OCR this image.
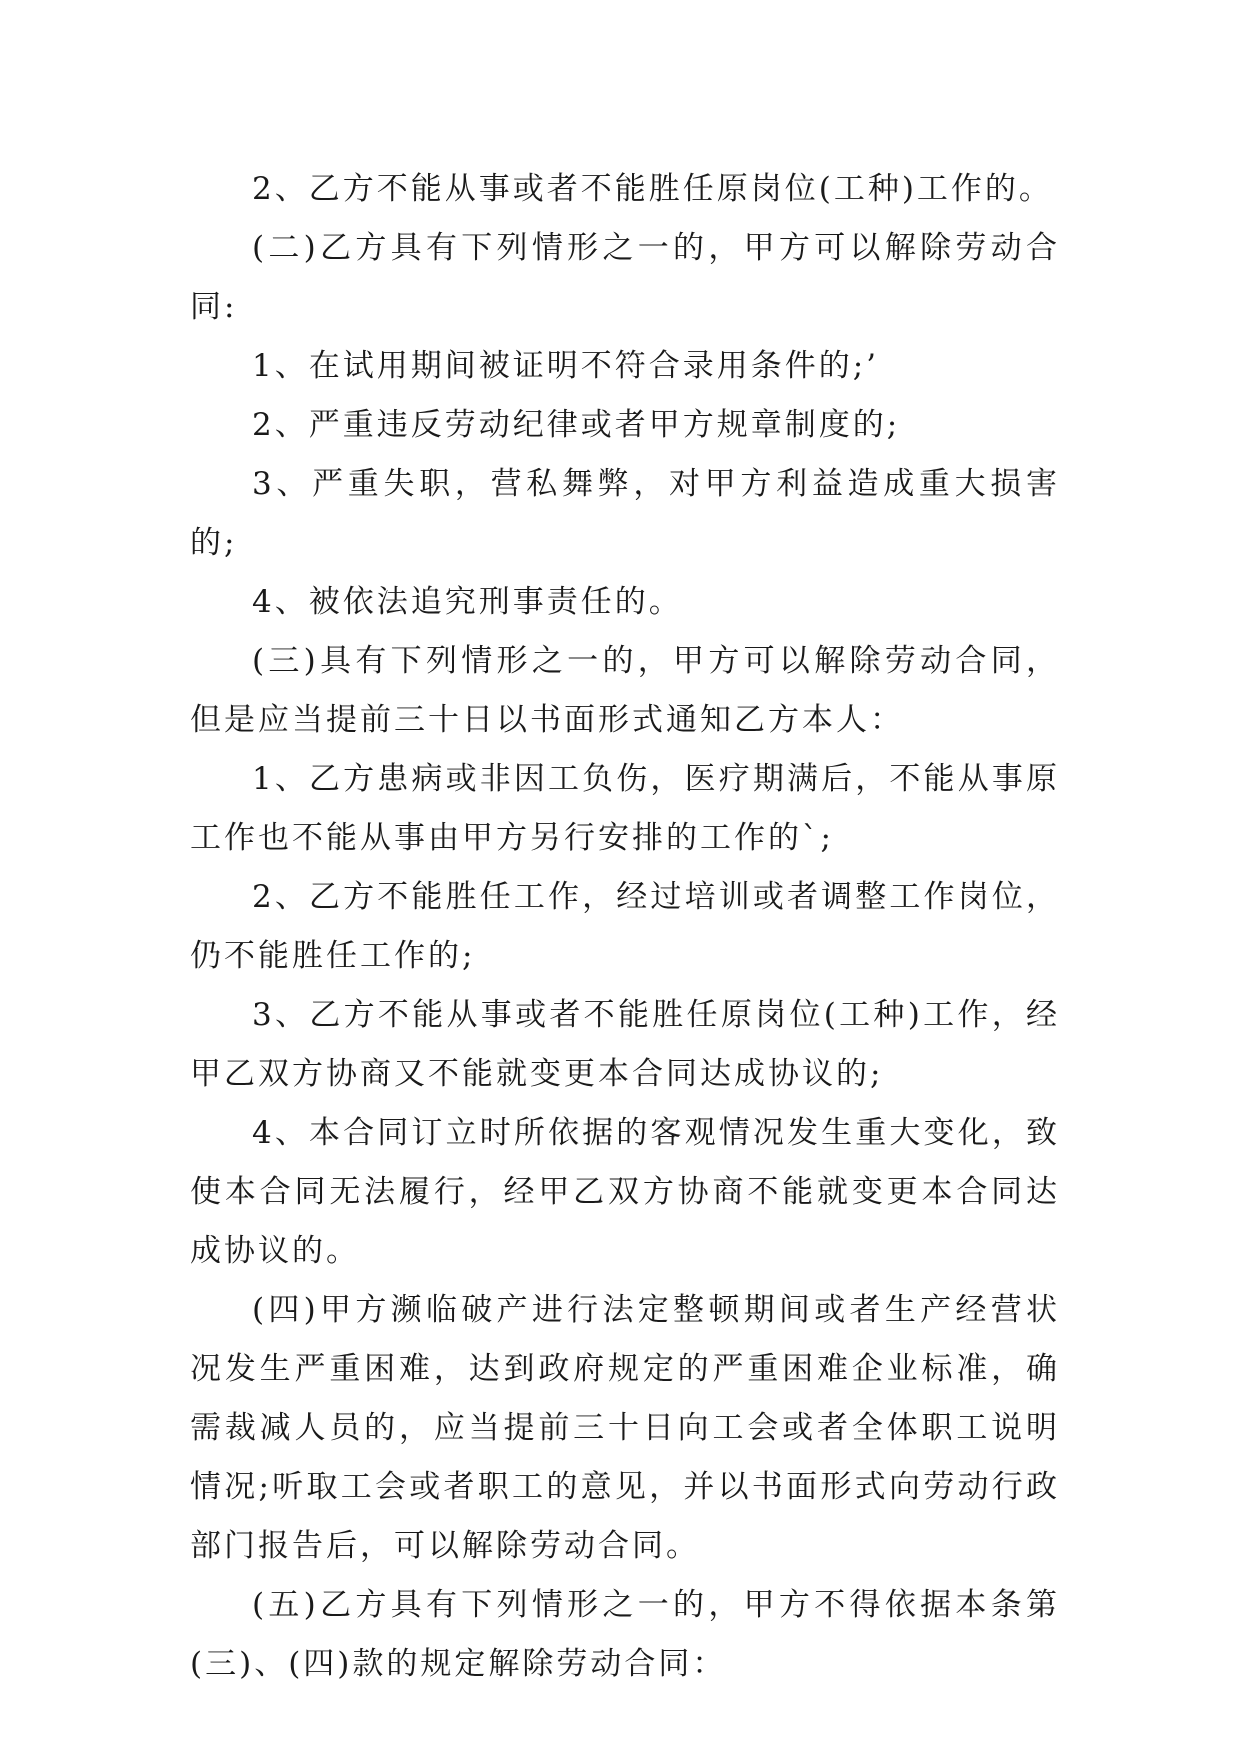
2、乙方不能从事或者不能胜任原岗位(工种)工作的。

(二)乙方具有下列情形之一的，甲方可以解除劳动合同:

1、在试用期间被证明不符合录用条件的;’

2、严重违反劳动纪律或者甲方规章制度的;

3、严重失职，营私舞弊，对甲方利益造成重大损害的;

4、被依法追究刑事责任的。

(三)具有下列情形之一的，甲方可以解除劳动合同，但是应当提前三十日以书面形式通知乙方本人：

1、乙方患病或非因工负伤，医疗期满后，不能从事原工作也不能从事由甲方另行安排的工作的`;

2、乙方不能胜任工作，经过培训或者调整工作岗位，仍不能胜任工作的;

3、乙方不能从事或者不能胜任原岗位(工种)工作，经甲乙双方协商又不能就变更本合同达成协议的;

4、本合同订立时所依据的客观情况发生重大变化，致使本合同无法履行，经甲乙双方协商不能就变更本合同达成协议的。

(四)甲方濒临破产进行法定整顿期间或者生产经营状况发生严重困难，达到政府规定的严重困难企业标准，确需裁减人员的，应当提前三十日向工会或者全体职工说明情况;听取工会或者职工的意见，并以书面形式向劳动行政部门报告后，可以解除劳动合同。

(五)乙方具有下列情形之一的，甲方不得依据本条第(三)、(四)款的规定解除劳动合同：
